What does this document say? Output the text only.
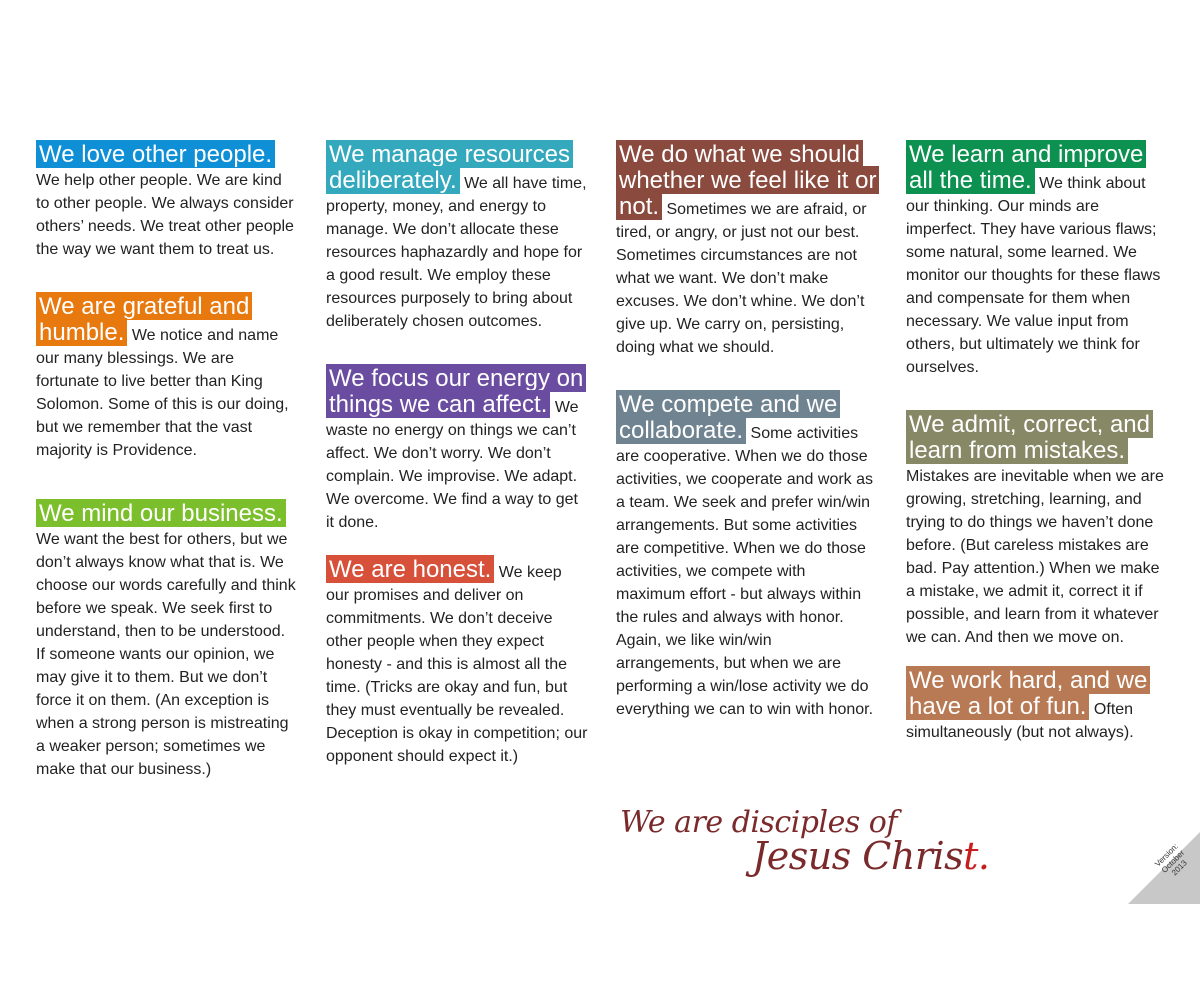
We love other people. We help other people. We are kind to other people. We always consider others’ needs. We treat other people the way we want them to treat us.
We are grateful and humble. We notice and name our many blessings. We are fortunate to live better than King Solomon. Some of this is our doing, but we remember that the vast majority is Providence.
We mind our business. We want the best for others, but we don’t always know what that is. We choose our words carefully and think before we speak. We seek first to understand, then to be understood. If someone wants our opinion, we may give it to them. But we don’t force it on them. (An exception is when a strong person is mistreating a weaker person; sometimes we make that our business.)
We manage resources deliberately. We all have time, property, money, and energy to manage. We don’t allocate these resources haphazardly and hope for a good result. We employ these resources purposely to bring about deliberately chosen outcomes.
We focus our energy on things we can affect. We waste no energy on things we can’t affect. We don’t worry. We don’t complain. We improvise. We adapt. We overcome. We find a way to get it done.
We are honest. We keep our promises and deliver on commitments. We don’t deceive other people when they expect honesty - and this is almost all the time. (Tricks are okay and fun, but they must eventually be revealed. Deception is okay in competition; our opponent should expect it.)
We do what we should whether we feel like it or not. Sometimes we are afraid, or tired, or angry, or just not our best. Sometimes circumstances are not what we want. We don’t make excuses. We don’t whine. We don’t give up. We carry on, persisting, doing what we should.
We compete and we collaborate. Some activities are cooperative. When we do those activities, we cooperate and work as a team. We seek and prefer win/win arrangements. But some activities are competitive. When we do those activities, we compete with maximum effort - but always within the rules and always with honor. Again, we like win/win arrangements, but when we are performing a win/lose activity we do everything we can to win with honor.
We learn and improve all the time. We think about our thinking. Our minds are imperfect. They have various flaws; some natural, some learned. We monitor our thoughts for these flaws and compensate for them when necessary. We value input from others, but ultimately we think for ourselves.
We admit, correct, and learn from mistakes. Mistakes are inevitable when we are growing, stretching, learning, and trying to do things we haven’t done before. (But careless mistakes are bad. Pay attention.) When we make a mistake, we admit it, correct it if possible, and learn from it whatever we can. And then we move on.
We work hard, and we have a lot of fun. Often simultaneously (but not always).
We are disciples of
Jesus Christ.	Version: October 2013
